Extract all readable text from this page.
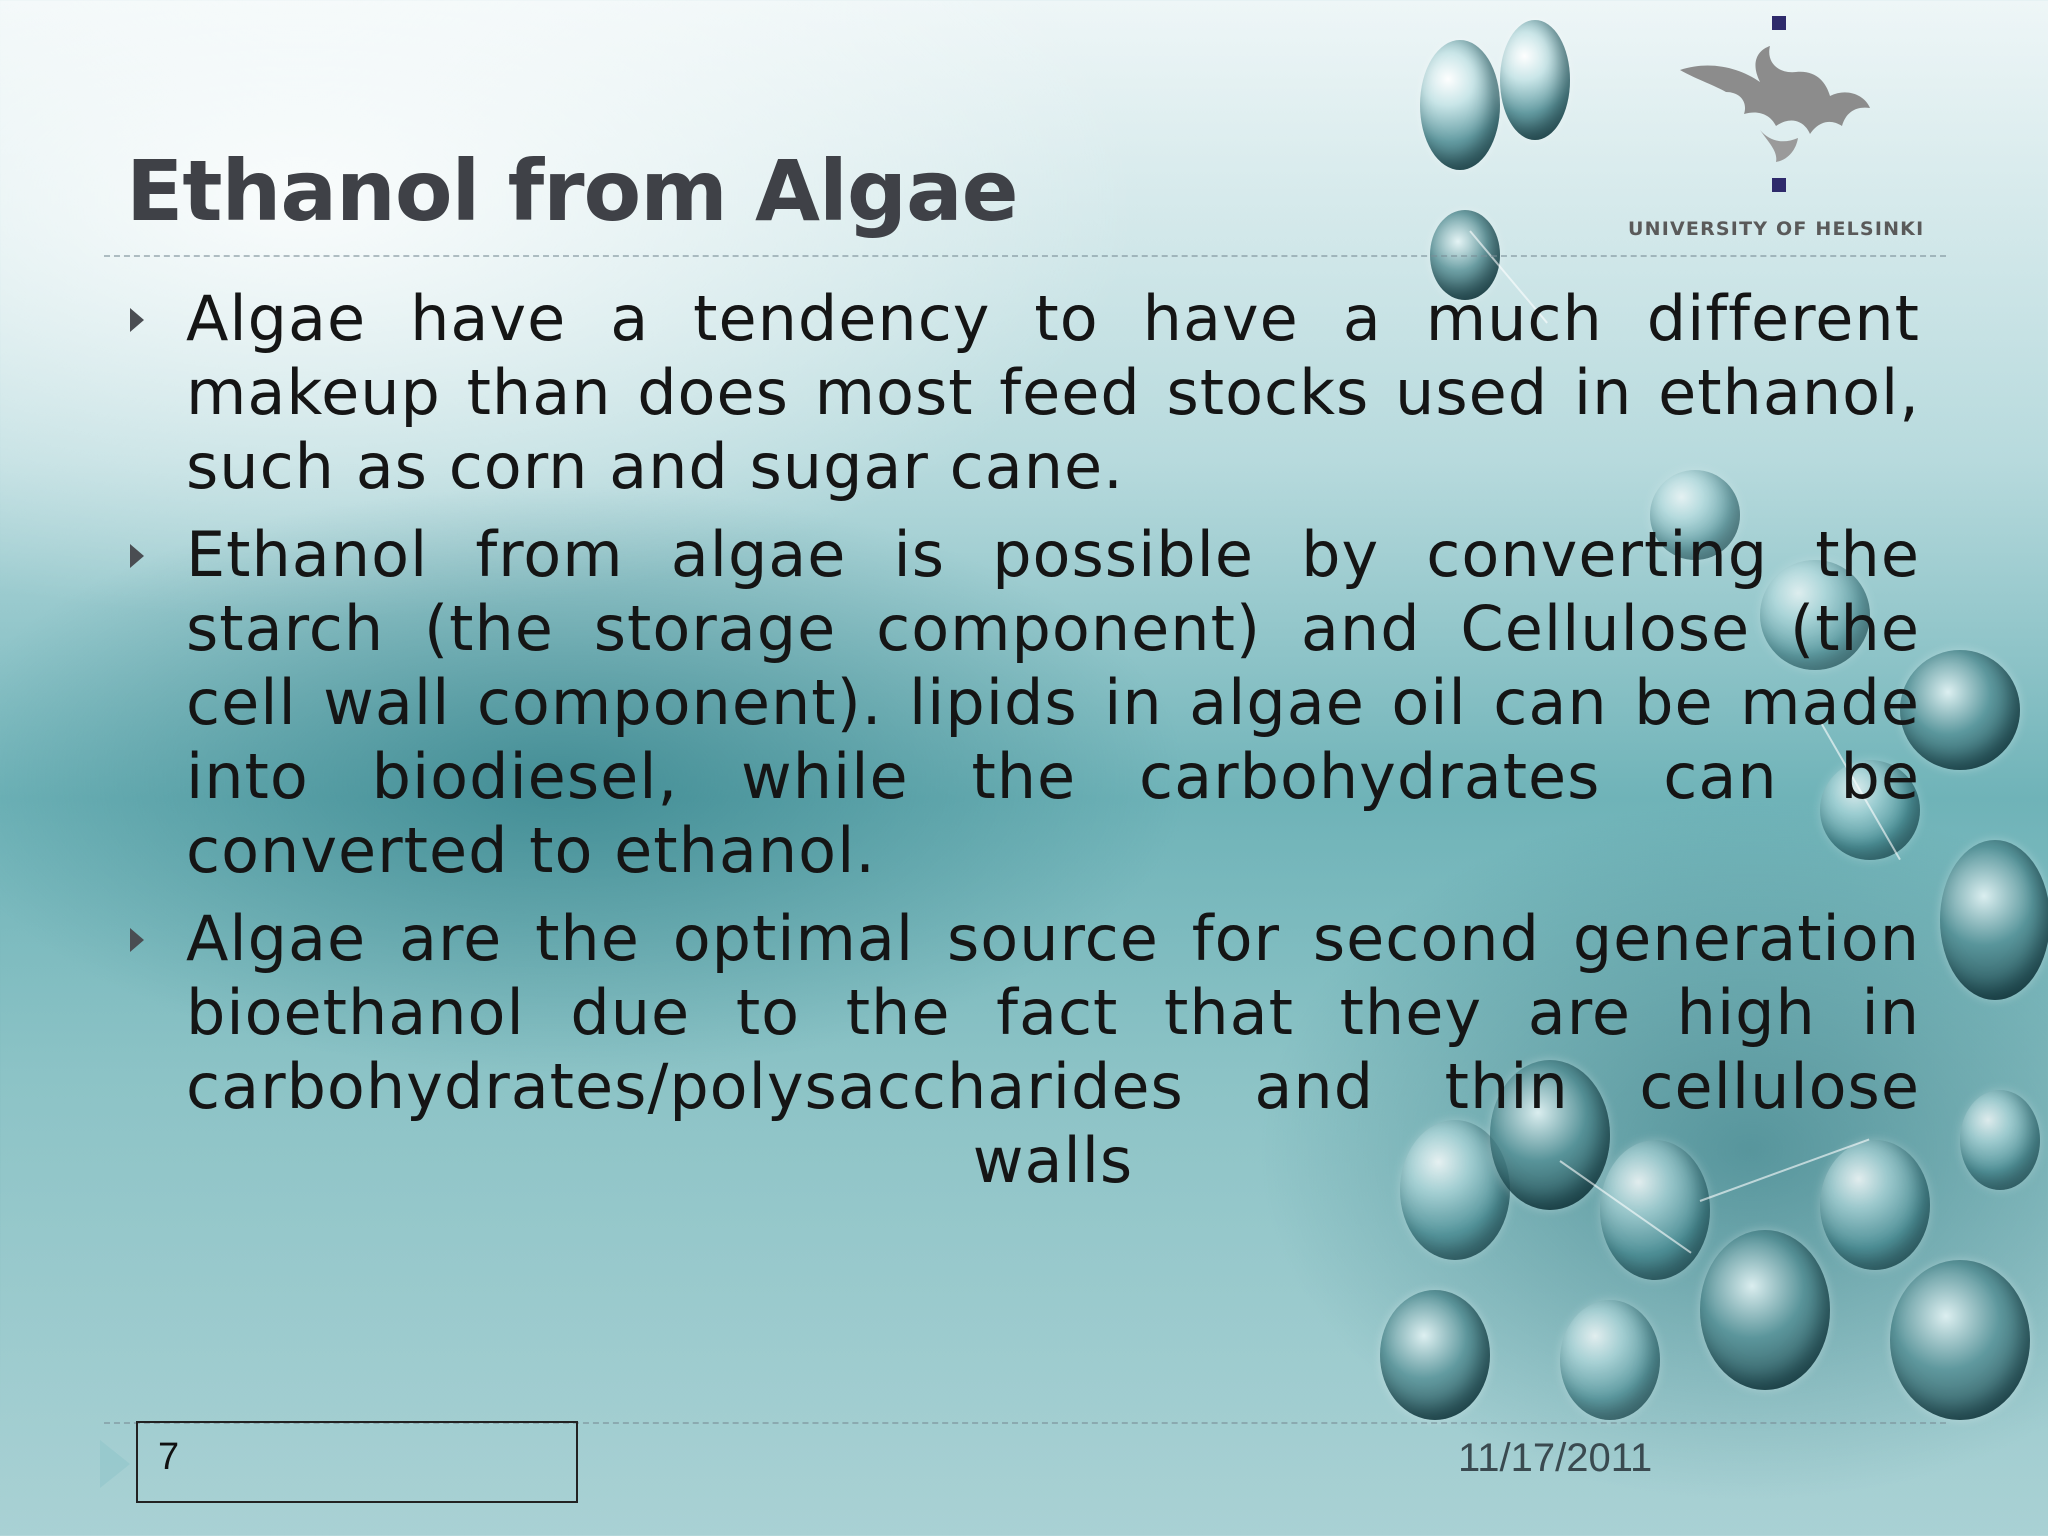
UNIVERSITY OF HELSINKI
Ethanol from Algae
Algae have a tendency to have a much different makeup than does most feed stocks used in ethanol, such as corn and sugar cane.
Ethanol from algae is possible by converting the starch (the storage component) and Cellulose (the cell wall component). lipids in algae oil can be made into biodiesel, while the carbohydrates can be converted to ethanol.
Algae are the optimal source for second generation bioethanol due to the fact that they are high in carbohydrates/polysaccharides and thin cellulose walls
7	11/17/2011
